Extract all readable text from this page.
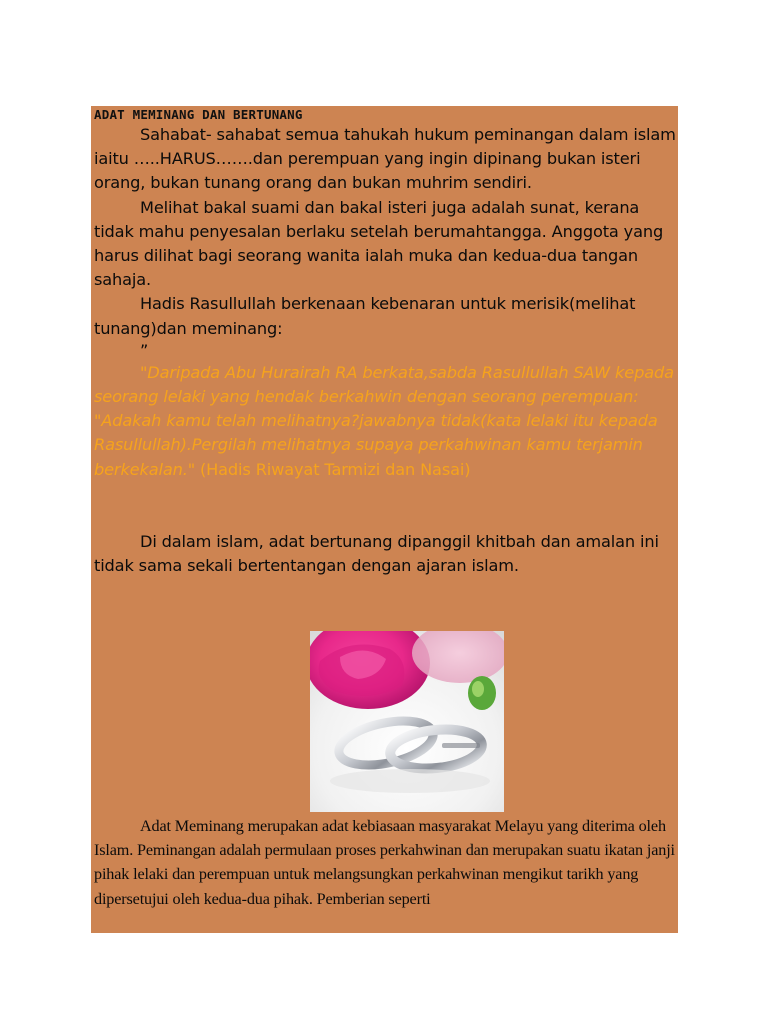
ADAT MEMINANG DAN BERTUNANG

Sahabat- sahabat semua tahukah hukum peminangan dalam islam iaitu …..HARUS…….dan perempuan yang ingin dipinang bukan isteri orang, bukan tunang orang dan bukan muhrim sendiri.

Melihat bakal suami dan bakal isteri juga adalah sunat, kerana tidak mahu penyesalan berlaku setelah berumahtangga. Anggota yang harus dilihat bagi seorang wanita ialah muka dan kedua-dua tangan sahaja.

Hadis Rasullullah berkenaan kebenaran untuk merisik(melihat tunang)dan meminang:

”

"Daripada Abu Hurairah RA berkata,sabda Rasullullah SAW kepada seorang lelaki yang hendak berkahwin dengan seorang perempuan: "Adakah kamu telah melihatnya?jawabnya tidak(kata lelaki itu kepada Rasullullah).Pergilah melihatnya supaya perkahwinan kamu terjamin berkekalan." (Hadis Riwayat Tarmizi dan Nasai)

Di dalam islam, adat bertunang dipanggil khitbah dan amalan ini tidak sama sekali bertentangan dengan ajaran islam.

Adat Meminang merupakan adat kebiasaan masyarakat Melayu yang diterima oleh Islam. Peminangan adalah permulaan proses perkahwinan dan merupakan suatu ikatan janji pihak lelaki dan perempuan untuk melangsungkan perkahwinan mengikut tarikh yang dipersetujui oleh kedua-dua pihak. Pemberian seperti
